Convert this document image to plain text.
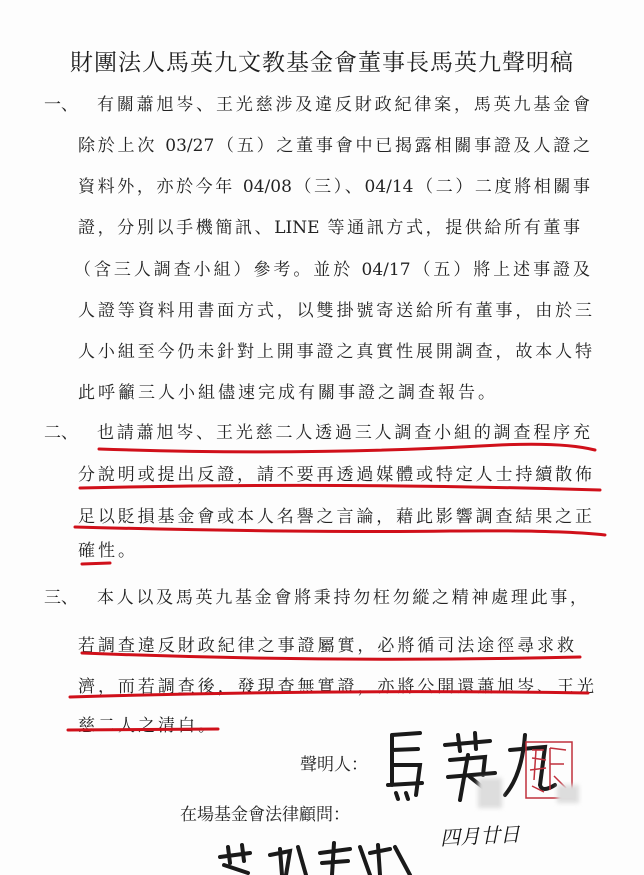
財團法人馬英九文教基金會董事長馬英九聲明稿
一、 有關蕭旭岑、王光慈涉及違反財政紀律案，馬英九基金會
除於上次 03/27（五）之董事會中已揭露相關事證及人證之
資料外，亦於今年 04/08（三）、04/14（二）二度將相關事
證，分別以手機簡訊、LINE 等通訊方式，提供給所有董事
（含三人調查小組）參考。並於 04/17（五）將上述事證及
人證等資料用書面方式，以雙掛號寄送給所有董事，由於三
人小組至今仍未針對上開事證之真實性展開調查，故本人特
此呼籲三人小組儘速完成有關事證之調查報告。
二、 也請蕭旭岑、王光慈二人透過三人調查小組的調查程序充
分說明或提出反證，請不要再透過媒體或特定人士持續散佈
足以貶損基金會或本人名譽之言論，藉此影響調查結果之正
確性。
三、 本人以及馬英九基金會將秉持勿枉勿縱之精神處理此事，
若調查違反財政紀律之事證屬實，必將循司法途徑尋求救
濟，而若調查後，發現查無實證，亦將公開還蕭旭岑、王光
慈二人之清白。
聲明人：
在場基金會法律顧問：
四月廿日
